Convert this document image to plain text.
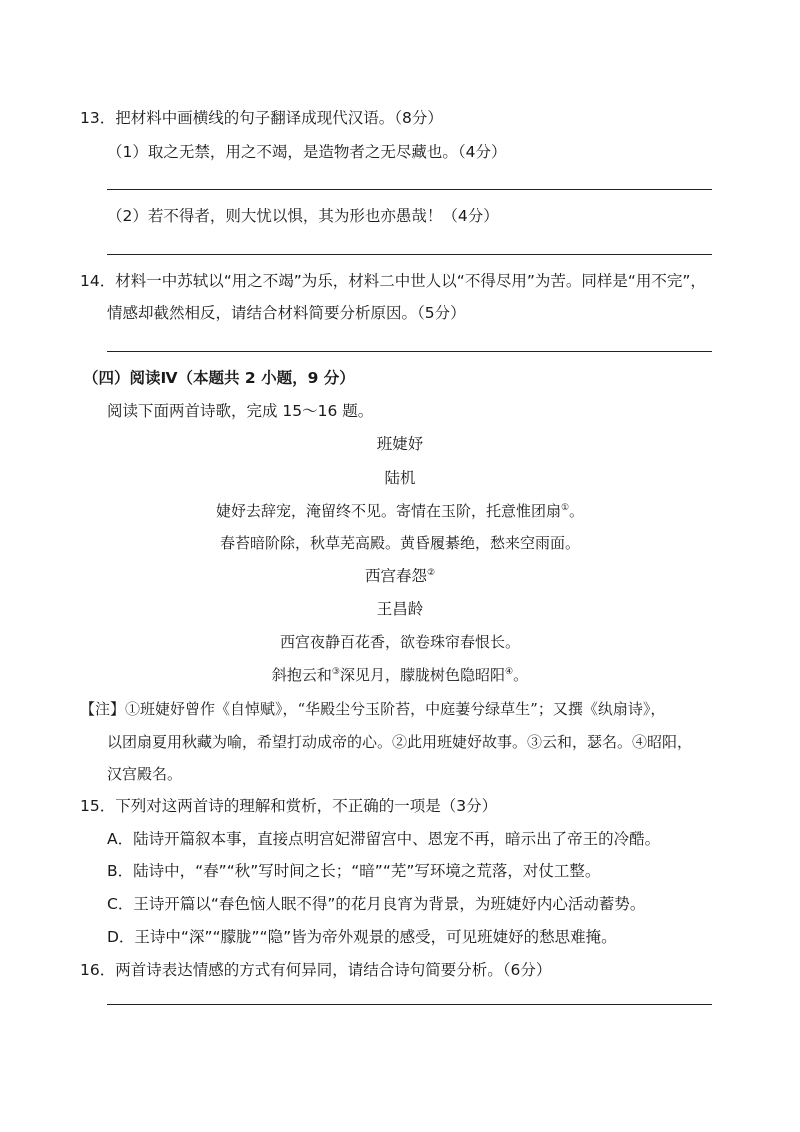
13．把材料中画横线的句子翻译成现代汉语。（8分）
（1）取之无禁，用之不竭，是造物者之无尽藏也。（4分）
（2）若不得者，则大忧以惧，其为形也亦愚哉！（4分）
14．材料一中苏轼以“用之不竭”为乐，材料二中世人以“不得尽用”为苦。同样是“用不完”，
情感却截然相反，请结合材料简要分析原因。（5分）
（四）阅读Ⅳ（本题共 2 小题，9 分）
阅读下面两首诗歌，完成 15～16 题。
班婕妤
陆机
婕妤去辞宠，淹留终不见。寄情在玉阶，托意惟团扇①。
春苔暗阶除，秋草芜高殿。黄昏履綦绝，愁来空雨面。
西宫春怨②
王昌龄
西宫夜静百花香，欲卷珠帘春恨长。
斜抱云和③深见月，朦胧树色隐昭阳④。
【注】①班婕妤曾作《自悼赋》，“华殿尘兮玉阶苔，中庭萋兮绿草生”；又撰《纨扇诗》，
以团扇夏用秋藏为喻，希望打动成帝的心。②此用班婕妤故事。③云和，瑟名。④昭阳，
汉宫殿名。
15．下列对这两首诗的理解和赏析，不正确的一项是（3分）
A．陆诗开篇叙本事，直接点明宫妃滞留宫中、恩宠不再，暗示出了帝王的冷酷。
B．陆诗中，“春”“秋”写时间之长；“暗”“芜”写环境之荒落，对仗工整。
C．王诗开篇以“春色恼人眠不得”的花月良宵为背景，为班婕妤内心活动蓄势。
D．王诗中“深”“朦胧”“隐”皆为帝外观景的感受，可见班婕妤的愁思难掩。
16．两首诗表达情感的方式有何异同，请结合诗句简要分析。（6分）
